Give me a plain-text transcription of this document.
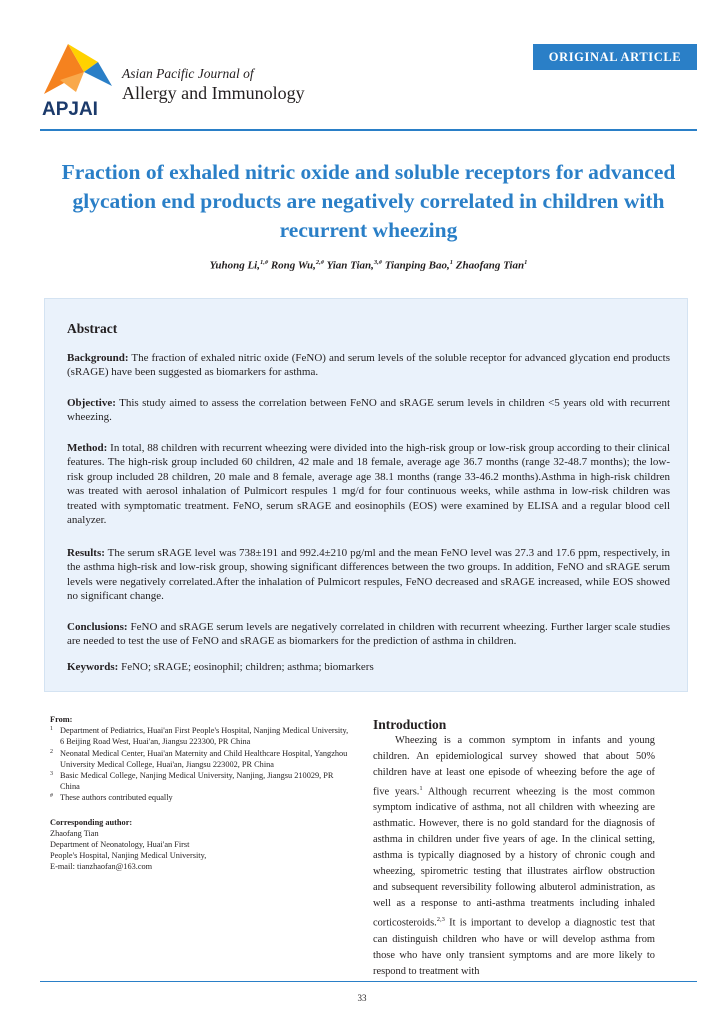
APJAI
Asian Pacific Journal of
Allergy and Immunology
ORIGINAL ARTICLE
Fraction of exhaled nitric oxide and soluble receptors for advanced glycation end products are negatively correlated in children with recurrent wheezing
Yuhong Li,$^{1,\#}$ Rong Wu,$^{2,\#}$ Yian Tian,$^{3,\#}$ Tianping Bao,$^1$ Zhaofang Tian$^1$
Abstract

Background: The fraction of exhaled nitric oxide (FeNO) and serum levels of the soluble receptor for advanced glycation end products (sRAGE) have been suggested as biomarkers for asthma.

Objective: This study aimed to assess the correlation between FeNO and sRAGE serum levels in children <5 years old with recurrent wheezing.

Method: In total, 88 children with recurrent wheezing were divided into the high-risk group or low-risk group according to their clinical features. The high-risk group included 60 children, 42 male and 18 female, average age 36.7 months (range 32-48.7 months); the low-risk group included 28 children, 20 male and 8 female, average age 38.1 months (range 33-46.2 months).Asthma in high-risk children was treated with aerosol inhalation of Pulmicort respules 1 mg/d for four continuous weeks, while asthma in low-risk children was treated with symptomatic treatment. FeNO, serum sRAGE and eosinophils (EOS) were examined by ELISA and a regular blood cell analyzer.

Results: The serum sRAGE level was 738±191 and 992.4±210 pg/ml and the mean FeNO level was 27.3 and 17.6 ppm, respectively, in the asthma high-risk and low-risk group, showing significant differences between the two groups. In addition, FeNO and sRAGE serum levels were negatively correlated.After the inhalation of Pulmicort respules, FeNO decreased and sRAGE increased, while EOS showed no significant change.

Conclusions: FeNO and sRAGE serum levels are negatively correlated in children with recurrent wheezing. Further larger scale studies are needed to test the use of FeNO and sRAGE as biomarkers for the prediction of asthma in children.

Keywords: FeNO; sRAGE; eosinophil; children; asthma; biomarkers

From:
1 Department of Pediatrics, Huai'an First People's Hospital, Nanjing Medical University, 6 Beijing Road West, Huai'an, Jiangsu 223300, PR China
2 Neonatal Medical Center, Huai'an Maternity and Child Healthcare Hospital, Yangzhou University Medical College, Huai'an, Jiangsu 223002, PR China
3 Basic Medical College, Nanjing Medical University, Nanjing, Jiangsu 210029, PR China
# These authors contributed equally
Corresponding author:
Zhaofang Tian
Department of Neonatology, Huai'an First
People's Hospital, Nanjing Medical University,
E-mail: tianzhaofan@163.com
Introduction

Wheezing is a common symptom in infants and young children. An epidemiological survey showed that about 50% children have at least one episode of wheezing before the age of five years.$^1$ Although recurrent wheezing is the most common symptom indicative of asthma, not all children with wheezing are asthmatic. However, there is no gold standard for the diagnosis of asthma in children under five years of age. In the clinical setting, asthma is typically diagnosed by a history of chronic cough and wheezing, spirometric testing that illustrates airflow obstruction and subsequent reversibility following albuterol administration, as well as a response to anti-asthma treatments including inhaled corticosteroids.$^{2,3}$ It is important to develop a diagnostic test that can distinguish children who have or will develop asthma from those who have only transient symptoms and are more likely to respond to treatment with

33
